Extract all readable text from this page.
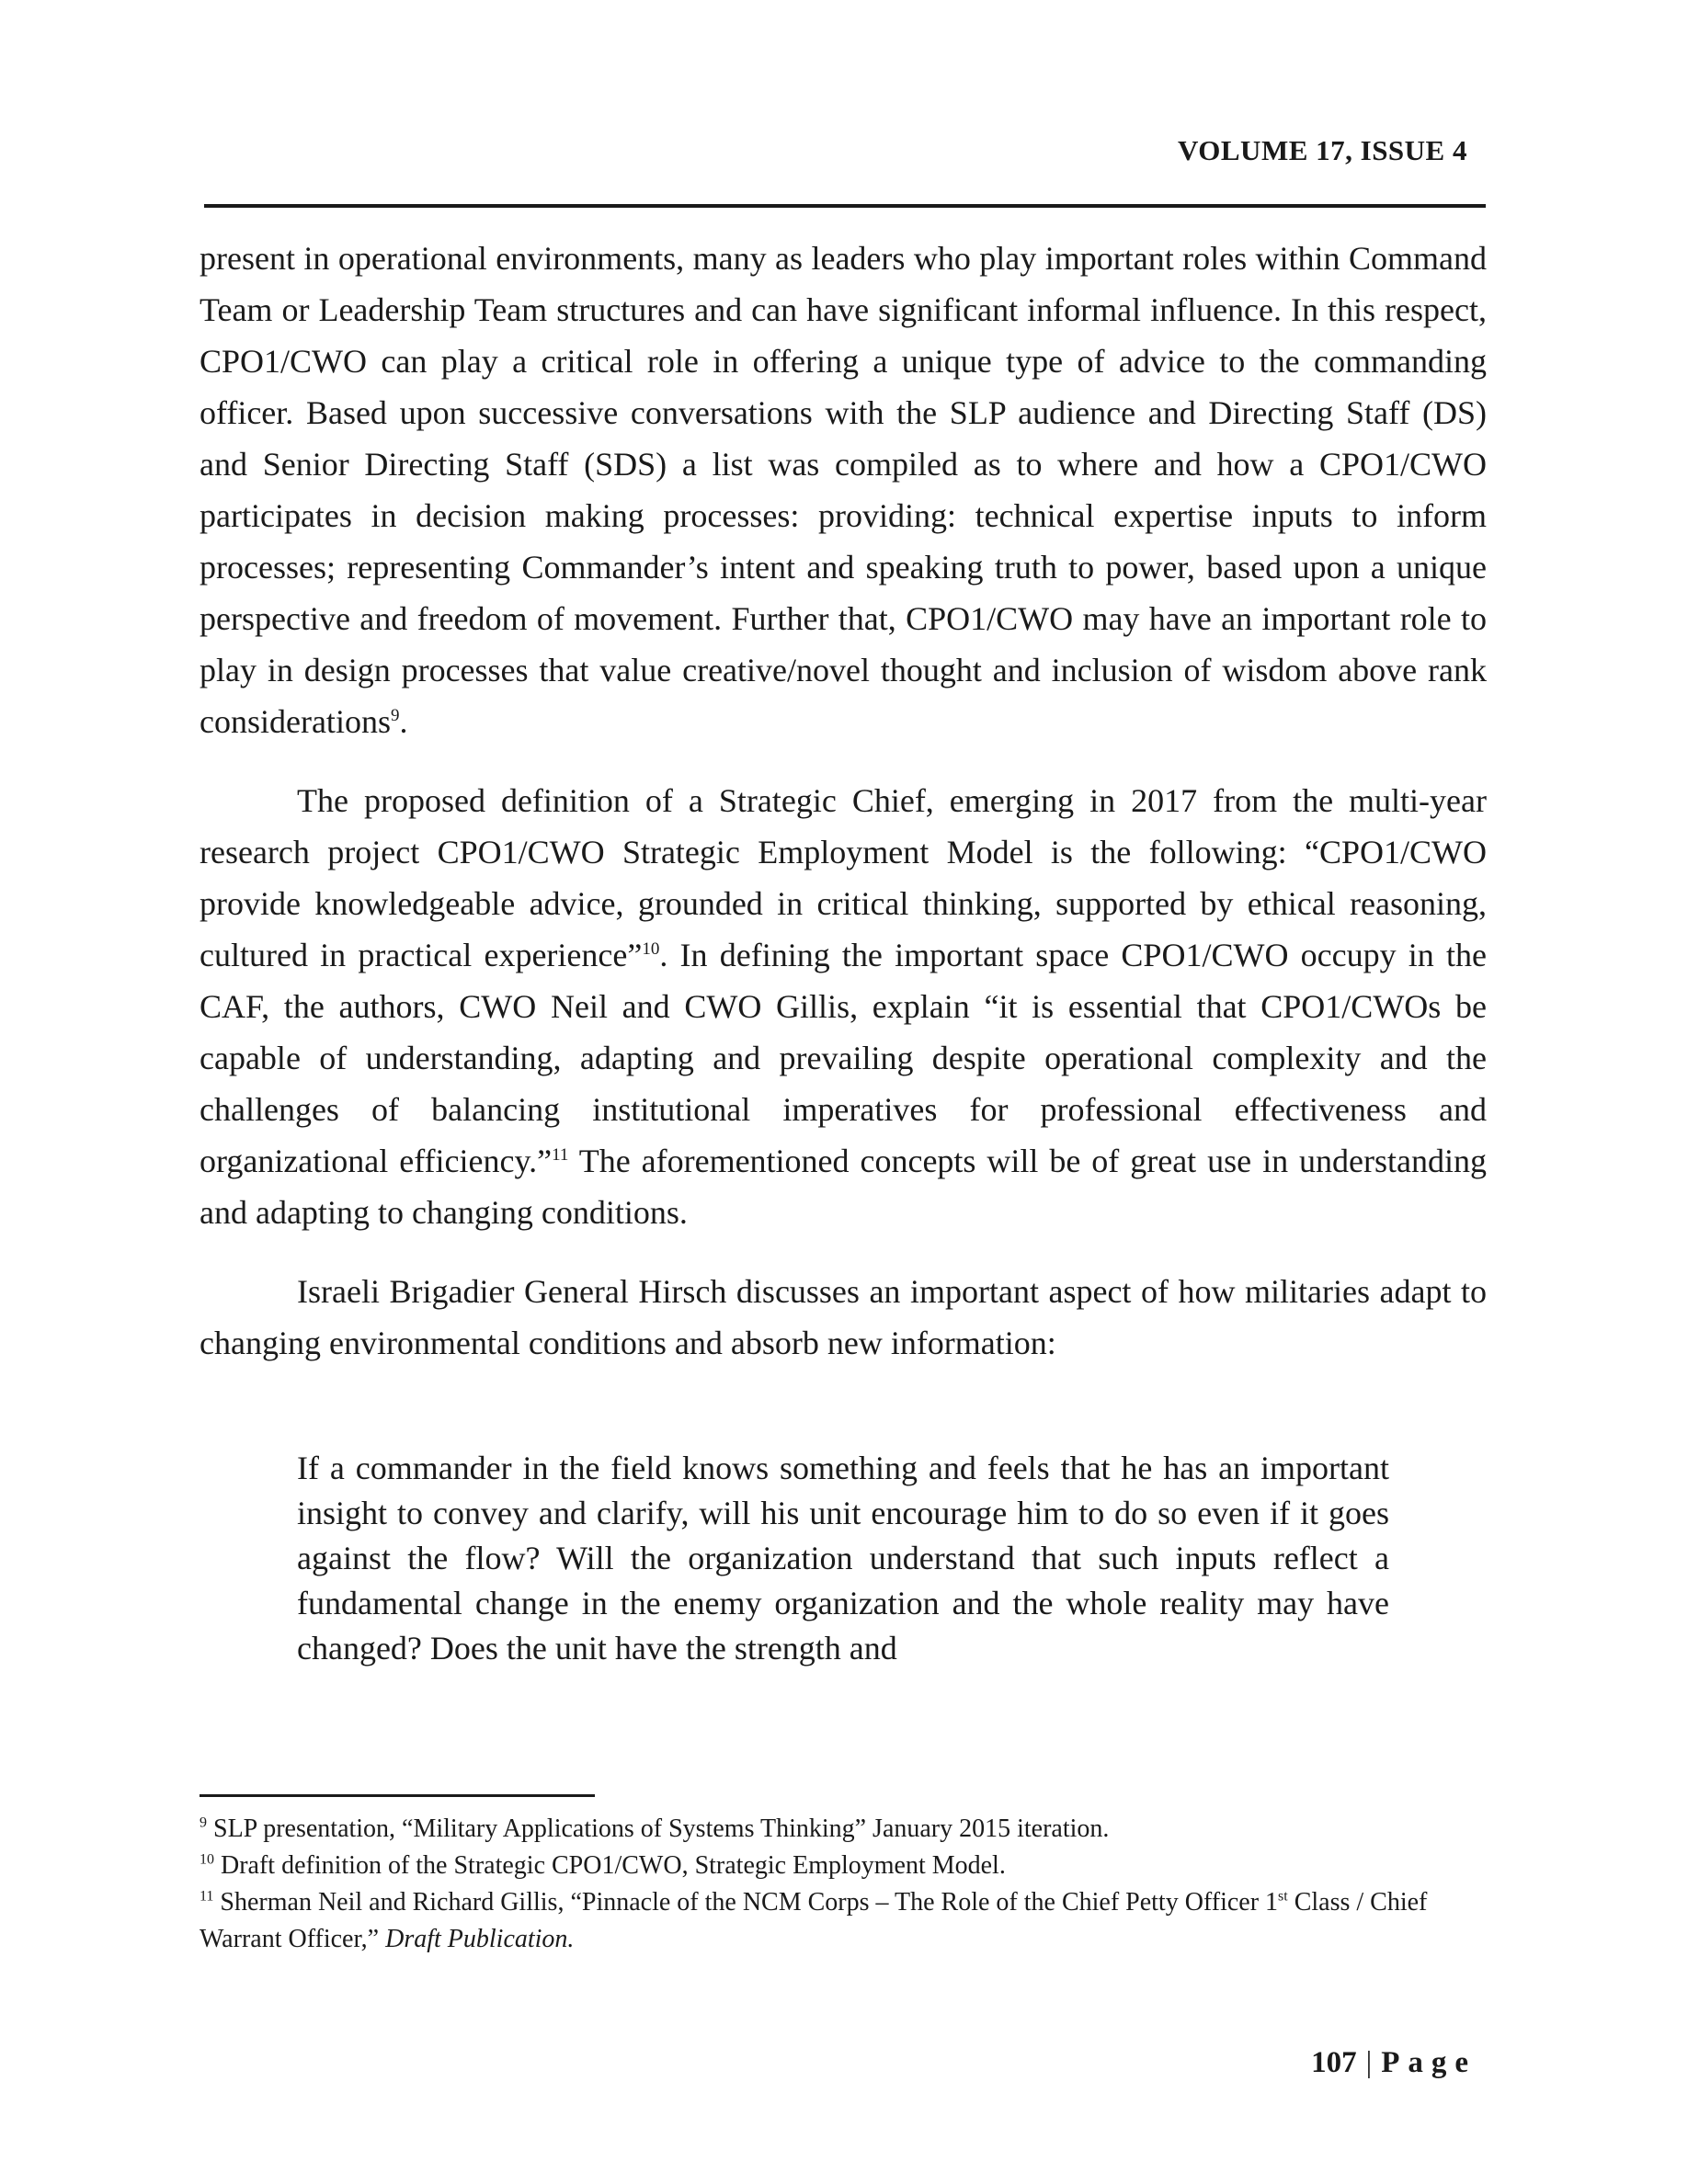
VOLUME 17, ISSUE 4

present in operational environments, many as leaders who play important roles within Command Team or Leadership Team structures and can have significant informal influence. In this respect, CPO1/CWO can play a critical role in offering a unique type of advice to the commanding officer. Based upon successive conversations with the SLP audience and Directing Staff (DS) and Senior Directing Staff (SDS) a list was compiled as to where and how a CPO1/CWO participates in decision making processes: providing: technical expertise inputs to inform processes; representing Commander’s intent and speaking truth to power, based upon a unique perspective and freedom of movement. Further that, CPO1/CWO may have an important role to play in design processes that value creative/novel thought and inclusion of wisdom above rank considerations$^9$.

The proposed definition of a Strategic Chief, emerging in 2017 from the multi-year research project CPO1/CWO Strategic Employment Model is the following: “CPO1/CWO provide knowledgeable advice, grounded in critical thinking, supported by ethical reasoning, cultured in practical experience”$^{10}$. In defining the important space CPO1/CWO occupy in the CAF, the authors, CWO Neil and CWO Gillis, explain “it is essential that CPO1/CWOs be capable of understanding, adapting and prevailing despite operational complexity and the challenges of balancing institutional imperatives for professional effectiveness and organizational efficiency.”$^{11}$ The aforementioned concepts will be of great use in understanding and adapting to changing conditions.

Israeli Brigadier General Hirsch discusses an important aspect of how militaries adapt to changing environmental conditions and absorb new information:

If a commander in the field knows something and feels that he has an important insight to convey and clarify, will his unit encourage him to do so even if it goes against the flow? Will the organization understand that such inputs reflect a fundamental change in the enemy organization and the whole reality may have changed? Does the unit have the strength and

$^9$ SLP presentation, “Military Applications of Systems Thinking” January 2015 iteration.

$^{10}$ Draft definition of the Strategic CPO1/CWO, Strategic Employment Model.

$^{11}$ Sherman Neil and Richard Gillis, “Pinnacle of the NCM Corps – The Role of the Chief Petty Officer 1st Class / Chief Warrant Officer,” Draft Publication.

107 | Page
